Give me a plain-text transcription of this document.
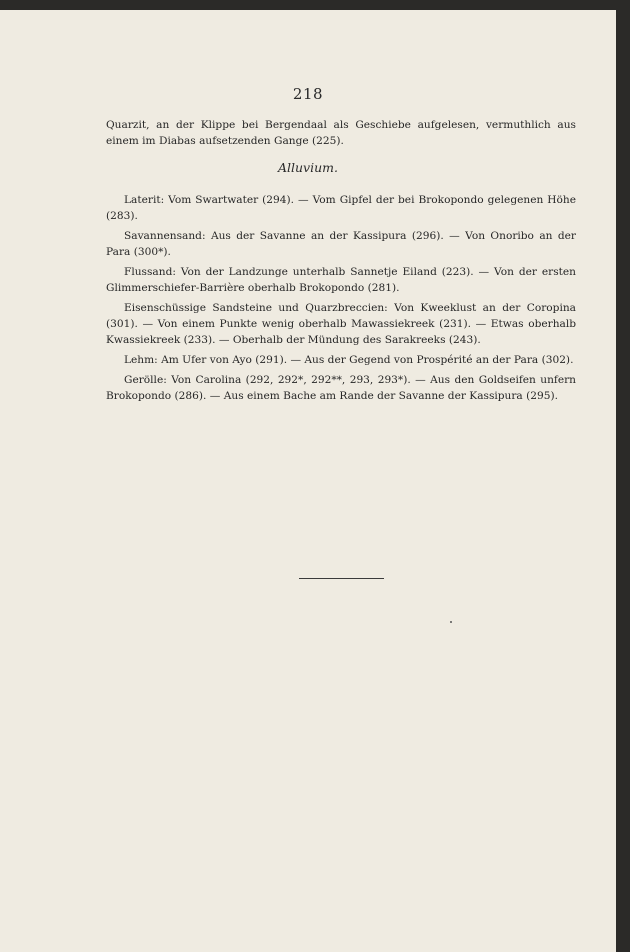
218

Quarzit, an der Klippe bei Bergendaal als Geschiebe aufgelesen, vermuthlich aus einem im Diabas aufsetzenden Gange (225).

Alluvium.

Laterit: Vom Swartwater (294). — Vom Gipfel der bei Brokopondo gelegenen Höhe (283).

Savannensand: Aus der Savanne an der Kassipura (296). — Von Onoribo an der Para (300*).

Flussand: Von der Landzunge unterhalb Sannetje Eiland (223). — Von der ersten Glimmerschiefer-Barrière oberhalb Brokopondo (281).

Eisenschüssige Sandsteine und Quarzbreccien: Von Kweeklust an der Coropina (301). — Von einem Punkte wenig oberhalb Mawassiekreek (231). — Etwas oberhalb Kwassiekreek (233). — Oberhalb der Mündung des Sarakreeks (243).

Lehm: Am Ufer von Ayo (291). — Aus der Gegend von Prospérité an der Para (302).

Gerölle: Von Carolina (292, 292*, 292**, 293, 293*). — Aus den Goldseifen unfern Brokopondo (286). — Aus einem Bache am Rande der Savanne der Kassipura (295).
